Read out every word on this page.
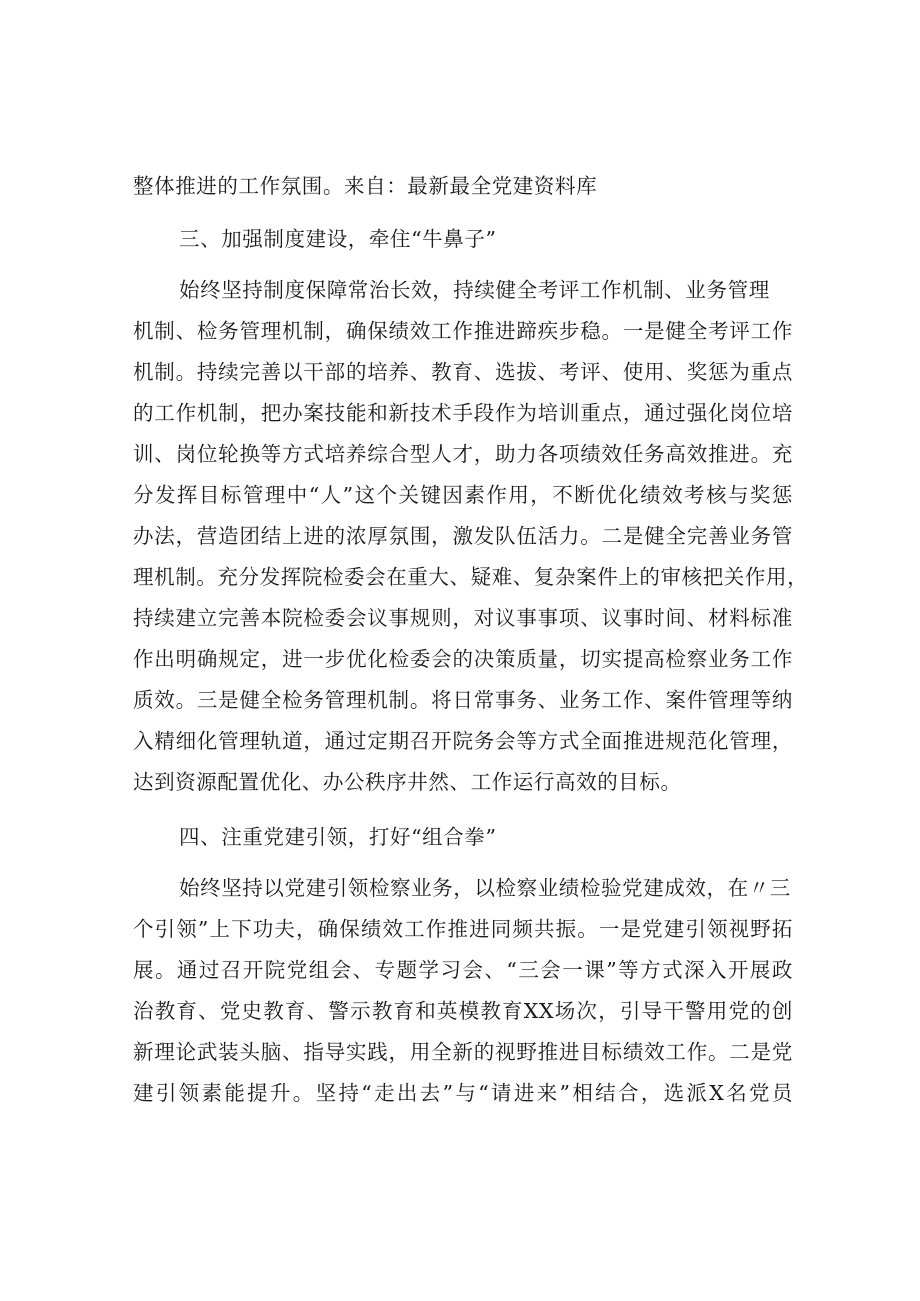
整体推进的工作氛围。来自：最新最全党建资料库
三、加强制度建设，牵住“牛鼻子”
始终坚持制度保障常治长效，持续健全考评工作机制、业务管理
机制、检务管理机制，确保绩效工作推进蹄疾步稳。一是健全考评工作
机制。持续完善以干部的培养、教育、选拔、考评、使用、奖惩为重点
的工作机制，把办案技能和新技术手段作为培训重点，通过强化岗位培
训、岗位轮换等方式培养综合型人才，助力各项绩效任务高效推进。充
分发挥目标管理中“人”这个关键因素作用，不断优化绩效考核与奖惩
办法，营造团结上进的浓厚氛围，激发队伍活力。二是健全完善业务管
理机制。充分发挥院检委会在重大、疑难、复杂案件上的审核把关作用，
持续建立完善本院检委会议事规则，对议事事项、议事时间、材料标准
作出明确规定，进一步优化检委会的决策质量，切实提高检察业务工作
质效。三是健全检务管理机制。将日常事务、业务工作、案件管理等纳
入精细化管理轨道，通过定期召开院务会等方式全面推进规范化管理，
达到资源配置优化、办公秩序井然、工作运行高效的目标。
四、注重党建引领，打好“组合拳”
始终坚持以党建引领检察业务，以检察业绩检验党建成效，在〃三
个引领”上下功夫，确保绩效工作推进同频共振。一是党建引领视野拓
展。通过召开院党组会、专题学习会、“三会一课”等方式深入开展政
治教育、党史教育、警示教育和英模教育XX场次，引导干警用党的创
新理论武装头脑、指导实践，用全新的视野推进目标绩效工作。二是党
建引领素能提升。坚持“走出去”与“请进来”相结合，选派X名党员
